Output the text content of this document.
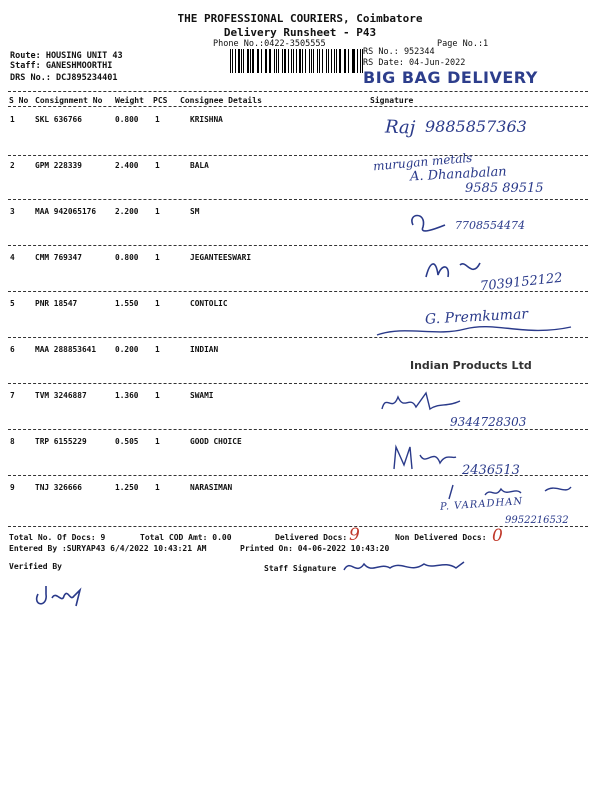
THE PROFESSIONAL COURIERS, Coimbatore
Delivery Runsheet - P43
Phone No.:0422-3505555	Page No.:1
Route: HOUSING UNIT 43
Staff: GANESHMOORTHI
DRS No.: DCJ895234401
RS No.: 952344
RS Date: 04-Jun-2022
BIG BAG DELIVERY
S No Consignment No Weight PCS Consignee Details	Signature
1	SKL 636766	0.800 1	KRISHNA	Raj 9885857363
2	GPM 228339	2.400 1	BALA	murugan metals
A. Dhanabalan
9585 89515
3	MAA 942065176 2.200 1	SM
7708554474
4	CMM 769347	0.800 1	JEGANTEESWARI
7039152122
5	PNR 18547	1.550 1	CONTOLIC
G. Premkumar
6	MAA 288853641 0.200 1	INDIAN
Indian Products Ltd
7	TVM 3246887	1.360 1	SWAMI
9344728303
8	TRP 6155229	0.505 1	GOOD CHOICE
2436513
9	TNJ 326666	1.250 1	NARASIMAN
P. VARADHAN
9952216532
Total No. Of Docs: 9	Total COD Amt: 0.00	Delivered Docs: 9	Non Delivered Docs: 0
Entered By :SURYAP43 6/4/2022 10:43:21 AM	Printed On: 04-06-2022 10:43:20
Verified By	Staff Signature
